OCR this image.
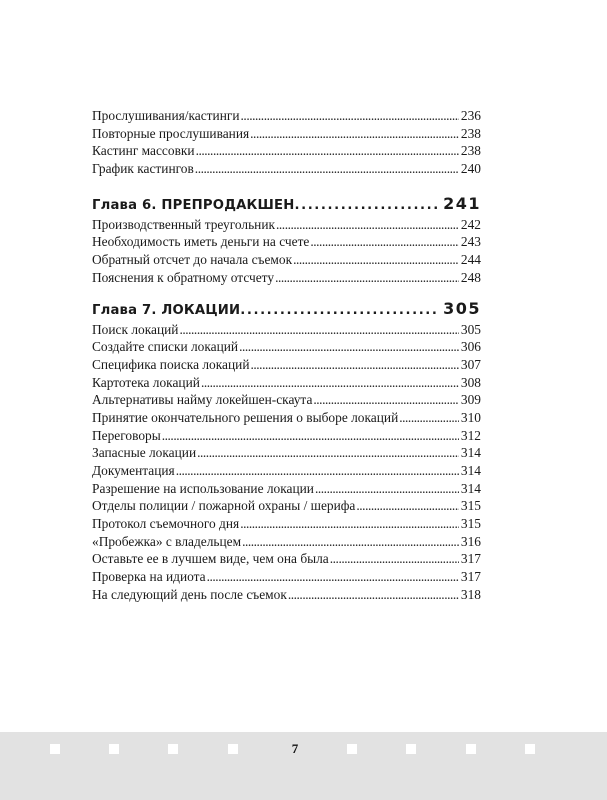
Прослушивания/кастинги . . .	236
Повторные прослушивания . . .	238
Кастинг массовки . . .	238
График кастингов . . .	240
Глава 6. ПРЕПРОДАКШЕН .....	241
Производственный треугольник . . .	242
Необходимость иметь деньги на счете . . .	243
Обратный отсчет до начала съемок . . .	244
Пояснения к обратному отсчету . . .	248
Глава 7. ЛОКАЦИИ .....	305
Поиск локаций . . .	305
Создайте списки локаций . . .	306
Специфика поиска локаций . . .	307
Картотека локаций . . .	308
Альтернативы найму локейшен-скаута . . .	309
Принятие окончательного решения о выборе локаций . . .	310
Переговоры . . .	312
Запасные локации . . .	314
Документация . . .	314
Разрешение на использование локации . . .	314
Отделы полиции / пожарной охраны / шерифа . . .	315
Протокол съемочного дня . . .	315
«Пробежка» с владельцем . . .	316
Оставьте ее в лучшем виде, чем она была . . .	317
Проверка на идиота . . .	317
На следующий день после съемок . . .	318
7
